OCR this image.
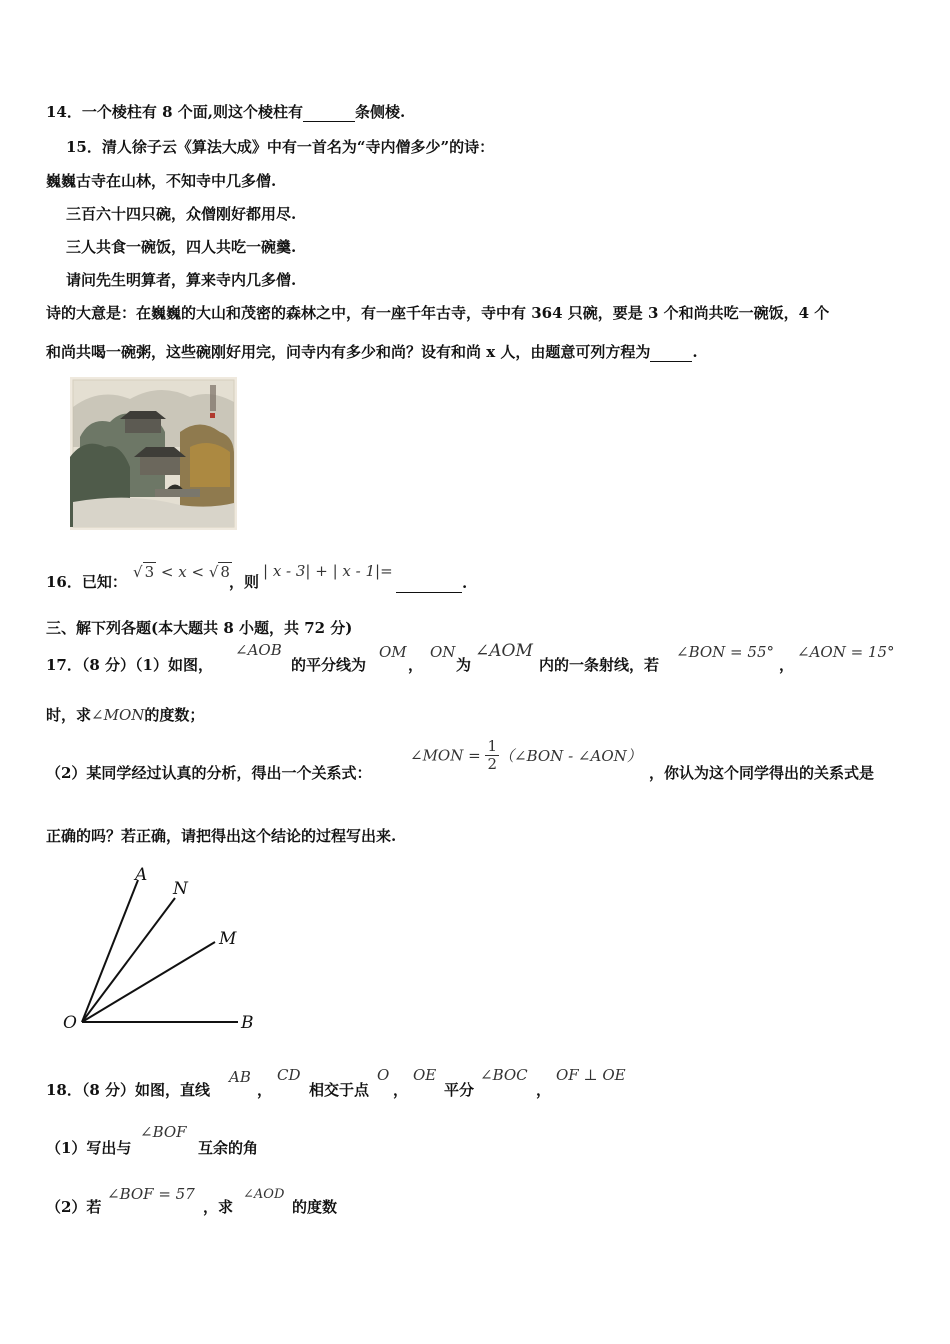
14．一个棱柱有 8 个面,则这个棱柱有	条侧棱.
15．清人徐子云《算法大成》中有一首名为“寺内僧多少”的诗：
巍巍古寺在山林，不知寺中几多僧.
三百六十四只碗，众僧刚好都用尽.
三人共食一碗饭，四人共吃一碗羹.
请问先生明算者，算来寺内几多僧.
诗的大意是：在巍巍的大山和茂密的森林之中，有一座千年古寺，寺中有 364 只碗，要是 3 个和尚共吃一碗饭，4 个
和尚共喝一碗粥，这些碗刚好用完，问寺内有多少和尚？设有和尚 x 人，由题意可列方程为	.
16．已知：
√ 3 < x < √ 8
，则
| x - 3| + | x - 1|=
.
三、解下列各题(本大题共 8 小题，共 72 分)
17．（8 分）（1）如图，
∠AOB
的平分线为
OM
，
ON
为
∠AOM
内的一条射线，若
∠BON = 55°
，
∠AON = 15°
时，求∠MON的度数；
（2）某同学经过认真的分析，得出一个关系式：
∠MON = $\frac{1}{2}$ （∠BON - ∠AON）
，你认为这个同学得出的关系式是
正确的吗？若正确，请把得出这个结论的过程写出来.
A
N
M
O	B
18．（8 分）如图，直线
AB
，
CD
相交于点
O
，
OE
平分
∠BOC
，
OF ⊥ OE
（1）写出与
∠BOF
互余的角
（2）若
∠BOF = 57
，求
∠AOD
的度数
